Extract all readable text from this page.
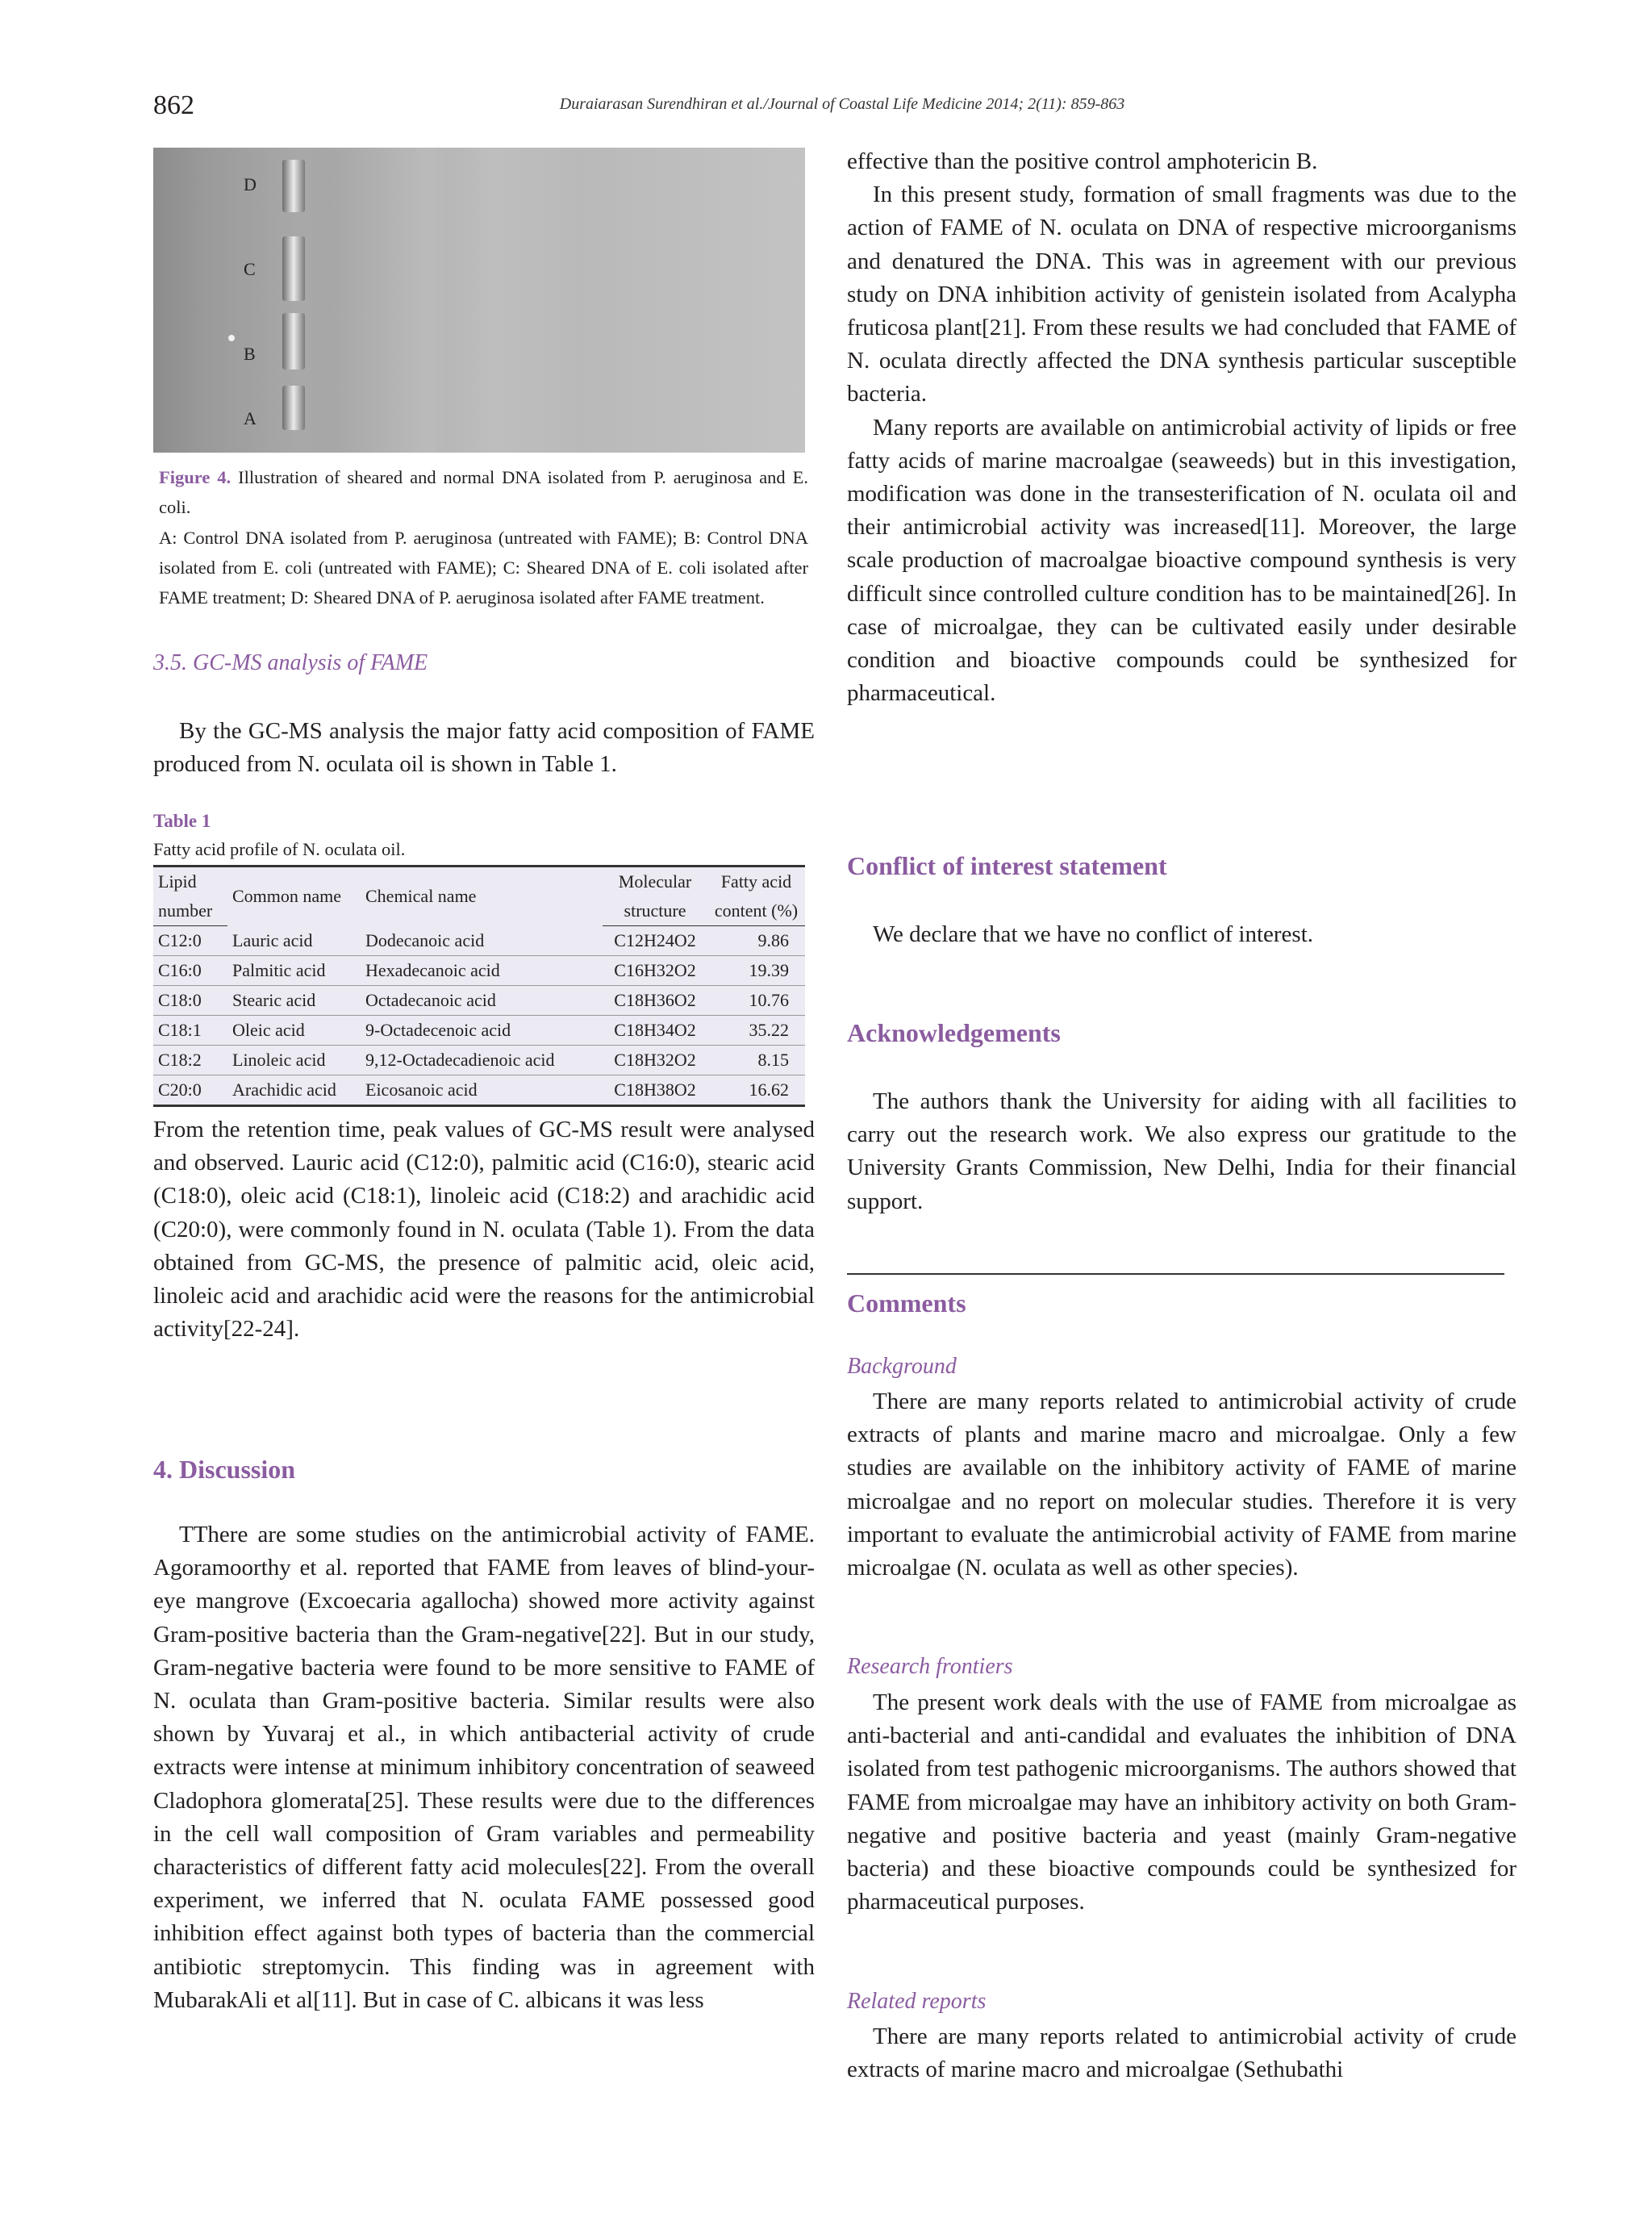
862	Duraiarasan Surendhiran et al./Journal of Coastal Life Medicine 2014; 2(11): 859-863
D
C
B
A
Figure 4. Illustration of sheared and normal DNA isolated from P. aeruginosa and E. coli.
A: Control DNA isolated from P. aeruginosa (untreated with FAME); B: Control DNA isolated from E. coli (untreated with FAME); C: Sheared DNA of E. coli isolated after FAME treatment; D: Sheared DNA of P. aeruginosa isolated after FAME treatment.
3.5. GC-MS analysis of FAME

By the GC-MS analysis the major fatty acid composition of FAME produced from N. oculata oil is shown in Table 1.

Table 1
Fatty acid profile of N. oculata oil.
Lipid	Common name	Chemical name	Molecular	Fatty acid
number			structure	content (%)
C12:0	Lauric acid	Dodecanoic acid	C12H24O2	9.86
C16:0	Palmitic acid	Hexadecanoic acid	C16H32O2	19.39
C18:0	Stearic acid	Octadecanoic acid	C18H36O2	10.76
C18:1	Oleic acid	9-Octadecenoic acid	C18H34O2	35.22
C18:2	Linoleic acid	9,12-Octadecadienoic acid	C18H32O2	8.15
C20:0	Arachidic acid	Eicosanoic acid	C18H38O2	16.62

From the retention time, peak values of GC-MS result were analysed and observed. Lauric acid (C12:0), palmitic acid (C16:0), stearic acid (C18:0), oleic acid (C18:1), linoleic acid (C18:2) and arachidic acid (C20:0), were commonly found in N. oculata (Table 1). From the data obtained from GC-MS, the presence of palmitic acid, oleic acid, linoleic acid and arachidic acid were the reasons for the antimicrobial activity[22-24].

4. Discussion

TThere are some studies on the antimicrobial activity of FAME. Agoramoorthy et al. reported that FAME from leaves of blind-your-eye mangrove (Excoecaria agallocha) showed more activity against Gram-positive bacteria than the Gram-negative[22]. But in our study, Gram-negative bacteria were found to be more sensitive to FAME of N. oculata than Gram-positive bacteria. Similar results were also shown by Yuvaraj et al., in which antibacterial activity of crude extracts were intense at minimum inhibitory concentration of seaweed Cladophora glomerata[25]. These results were due to the differences in the cell wall composition of Gram variables and permeability characteristics of different fatty acid molecules[22]. From the overall experiment, we inferred that N. oculata FAME possessed good inhibition effect against both types of bacteria than the commercial antibiotic streptomycin. This finding was in agreement with MubarakAli et al[11]. But in case of C. albicans it was less

effective than the positive control amphotericin B.

In this present study, formation of small fragments was due to the action of FAME of N. oculata on DNA of respective microorganisms and denatured the DNA. This was in agreement with our previous study on DNA inhibition activity of genistein isolated from Acalypha fruticosa plant[21]. From these results we had concluded that FAME of N. oculata directly affected the DNA synthesis particular susceptible bacteria.

Many reports are available on antimicrobial activity of lipids or free fatty acids of marine macroalgae (seaweeds) but in this investigation, modification was done in the transesterification of N. oculata oil and their antimicrobial activity was increased[11]. Moreover, the large scale production of macroalgae bioactive compound synthesis is very difficult since controlled culture condition has to be maintained[26]. In case of microalgae, they can be cultivated easily under desirable condition and bioactive compounds could be synthesized for pharmaceutical.

Conflict of interest statement

We declare that we have no conflict of interest.

Acknowledgements

The authors thank the University for aiding with all facilities to carry out the research work. We also express our gratitude to the University Grants Commission, New Delhi, India for their financial support.

Comments
Background

There are many reports related to antimicrobial activity of crude extracts of plants and marine macro and microalgae. Only a few studies are available on the inhibitory activity of FAME of marine microalgae and no report on molecular studies. Therefore it is very important to evaluate the antimicrobial activity of FAME from marine microalgae (N. oculata as well as other species).

Research frontiers

The present work deals with the use of FAME from microalgae as anti-bacterial and anti-candidal and evaluates the inhibition of DNA isolated from test pathogenic microorganisms. The authors showed that FAME from microalgae may have an inhibitory activity on both Gram-negative and positive bacteria and yeast (mainly Gram-negative bacteria) and these bioactive compounds could be synthesized for pharmaceutical purposes.

Related reports

There are many reports related to antimicrobial activity of crude extracts of marine macro and microalgae (Sethubathi
